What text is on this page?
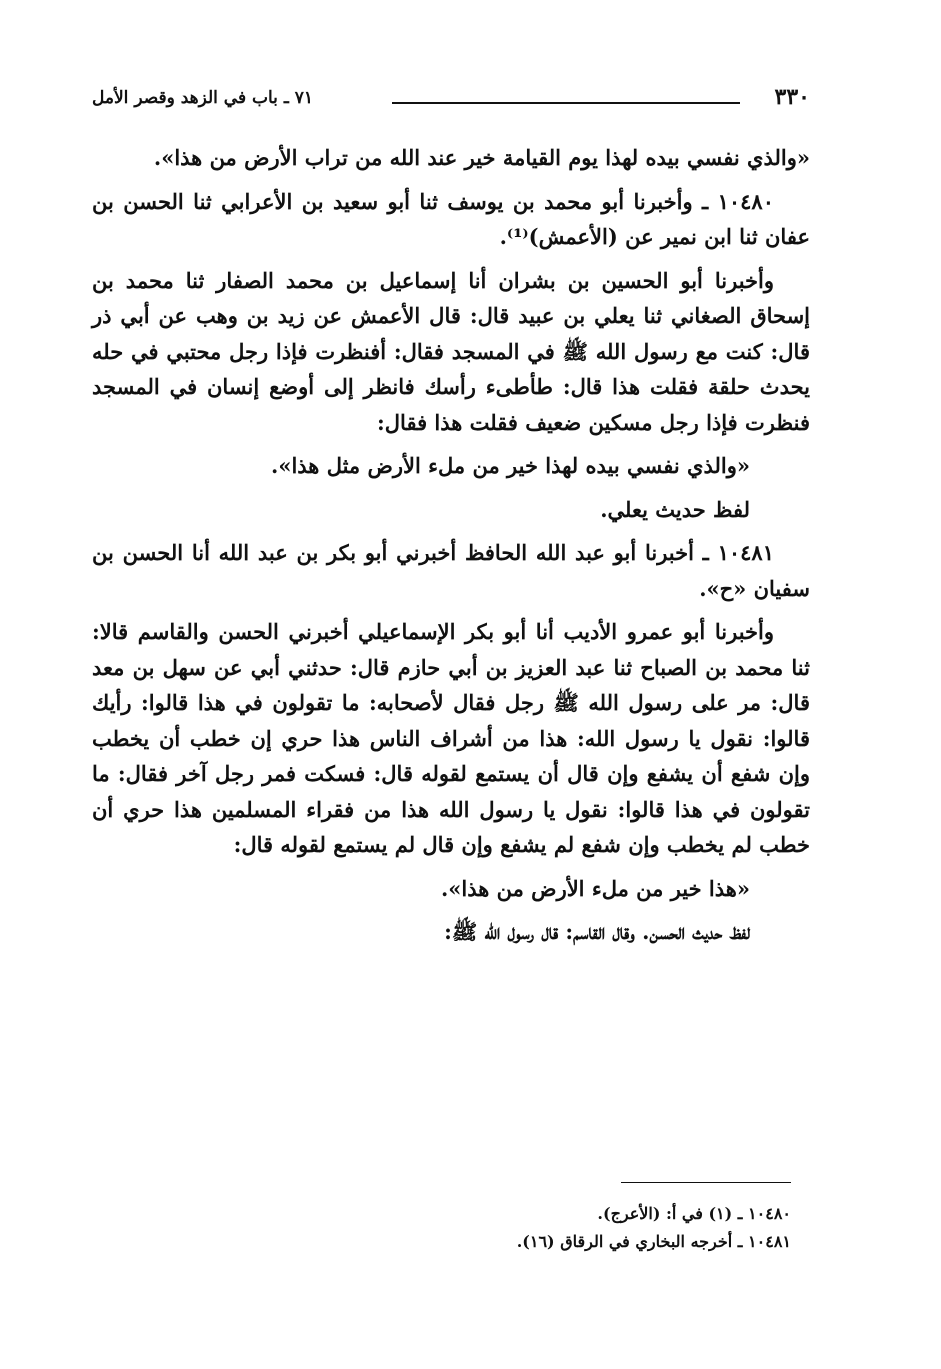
٣٣٠
٧١ ـ باب في الزهد وقصر الأمل

«والذي نفسي بيده لهذا يوم القيامة خير عند الله من تراب الأرض من هذا».

١٠٤٨٠ ـ وأخبرنا أبو محمد بن يوسف ثنا أبو سعيد بن الأعرابي ثنا الحسن بن عفان ثنا ابن نمير عن (الأعمش)⁽¹⁾.

وأخبرنا أبو الحسين بن بشران أنا إسماعيل بن محمد الصفار ثنا محمد بن إسحاق الصغاني ثنا يعلي بن عبيد قال: قال الأعمش عن زيد بن وهب عن أبي ذر قال: كنت مع رسول الله ﷺ في المسجد فقال: أفنظرت فإذا رجل محتبي في حله يحدث حلقة فقلت هذا قال: طأطىء رأسك فانظر إلى أوضع إنسان في المسجد فنظرت فإذا رجل مسكين ضعيف فقلت هذا فقال:

«والذي نفسي بيده لهذا خير من ملء الأرض مثل هذا».

لفظ حديث يعلي.

١٠٤٨١ ـ أخبرنا أبو عبد الله الحافظ أخبرني أبو بكر بن عبد الله أنا الحسن بن سفيان «ح».

وأخبرنا أبو عمرو الأديب أنا أبو بكر الإسماعيلي أخبرني الحسن والقاسم قالا: ثنا محمد بن الصباح ثنا عبد العزيز بن أبي حازم قال: حدثني أبي عن سهل بن معد قال: مر على رسول الله ﷺ رجل فقال لأصحابه: ما تقولون في هذا قالوا: رأيك قالوا: نقول يا رسول الله: هذا من أشراف الناس هذا حري إن خطب أن يخطب وإن شفع أن يشفع وإن قال أن يستمع لقوله قال: فسكت فمر رجل آخر فقال: ما تقولون في هذا قالوا: نقول يا رسول الله هذا من فقراء المسلمين هذا حري أن خطب لم يخطب وإن شفع لم يشفع وإن قال لم يستمع لقوله قال:

«هذا خير من ملء الأرض من هذا».

لفظ حديث الحسن. وقال القاسم: قال رسول الله ﷺ:

١٠٤٨٠ ـ (١) في أ: (الأعرج).

١٠٤٨١ ـ أخرجه البخاري في الرقاق (١٦).
